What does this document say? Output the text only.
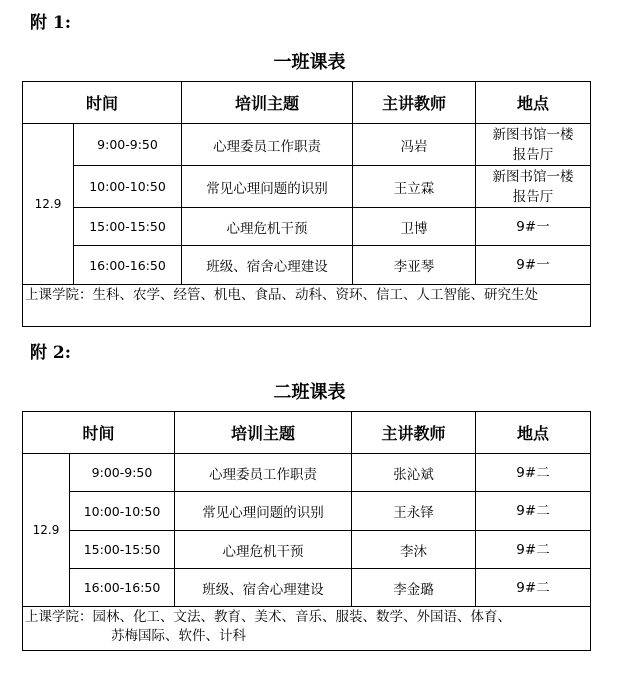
附 1:
一班课表
时间		培训主题	主讲教师	地点
12.9	9:00-9:50	心理委员工作职责	冯岩	新图书馆一楼
报告厅
	10:00-10:50	常见心理问题的识别	王立霖	新图书馆一楼
报告厅
	15:00-15:50	心理危机干预	卫博	9#一
	16:00-16:50	班级、宿舍心理建设	李亚琴	9#一
上课学院：生科、农学、经管、机电、食品、动科、资环、信工、人工智能、研究生处				
附 2:
二班课表
时间		培训主题	主讲教师	地点
12.9	9:00-9:50	心理委员工作职责	张沁斌	9#二
	10:00-10:50	常见心理问题的识别	王永铎	9#二
	15:00-15:50	心理危机干预	李沐	9#二
	16:00-16:50	班级、宿舍心理建设	李金璐	9#二

上课学院：园林、化工、文法、教育、美术、音乐、服装、数学、外国语、体育、
苏梅国际、软件、计科				
